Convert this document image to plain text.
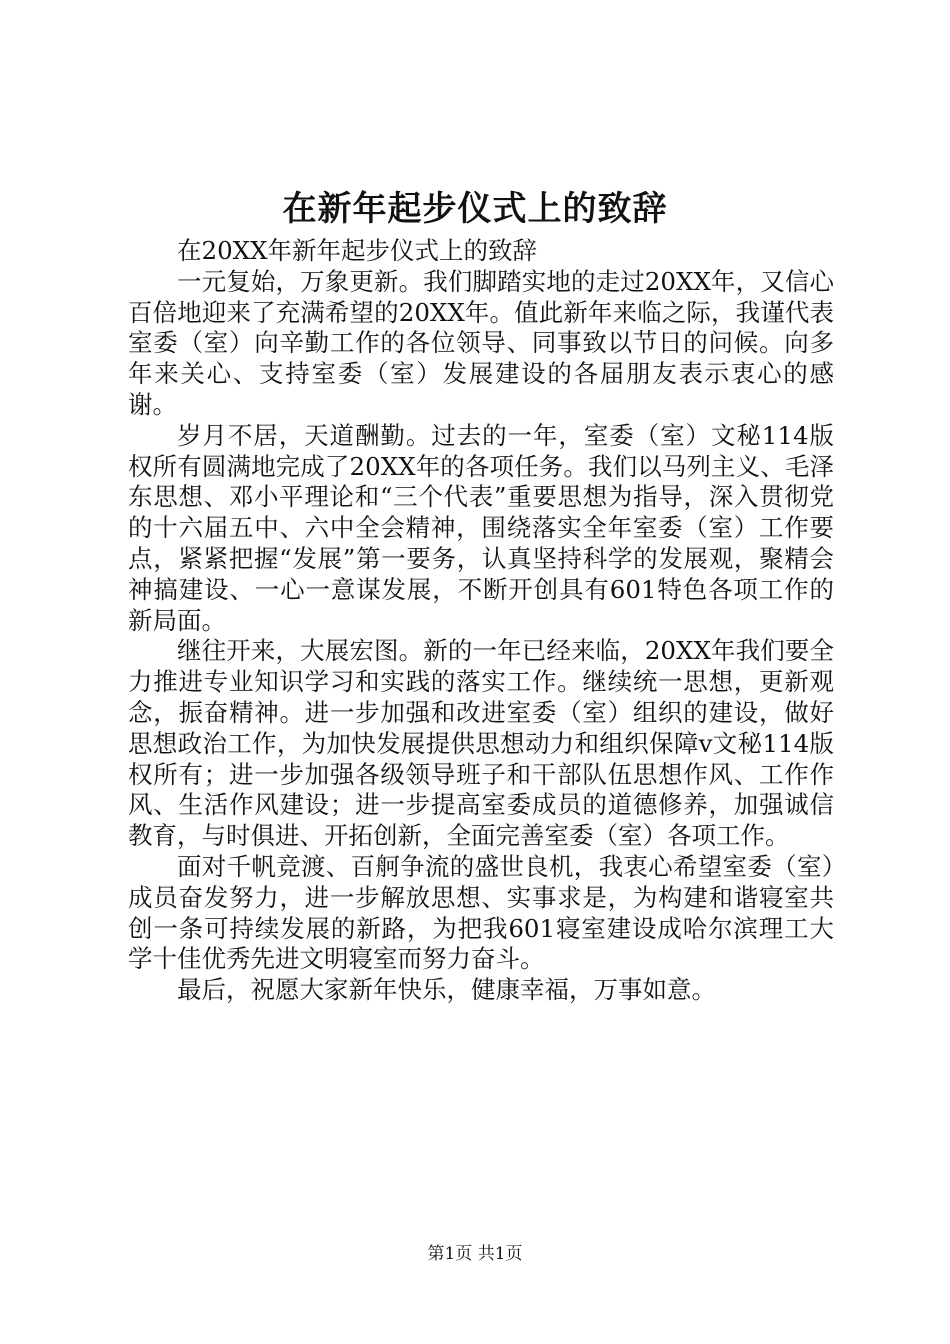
在新年起步仪式上的致辞

在20XX年新年起步仪式上的致辞

一元复始，万象更新。我们脚踏实地的走过20XX年，又信心百倍地迎来了充满希望的20XX年。值此新年来临之际，我谨代表室委（室）向辛勤工作的各位领导、同事致以节日的问候。向多年来关心、支持室委（室）发展建设的各届朋友表示衷心的感谢。

岁月不居，天道酬勤。过去的一年，室委（室）文秘114版权所有圆满地完成了20XX年的各项任务。我们以马列主义、毛泽东思想、邓小平理论和“三个代表”重要思想为指导，深入贯彻党的十六届五中、六中全会精神，围绕落实全年室委（室）工作要点，紧紧把握“发展”第一要务，认真坚持科学的发展观，聚精会神搞建设、一心一意谋发展，不断开创具有601特色各项工作的新局面。

继往开来，大展宏图。新的一年已经来临，20XX年我们要全力推进专业知识学习和实践的落实工作。继续统一思想，更新观念，振奋精神。进一步加强和改进室委（室）组织的建设，做好思想政治工作，为加快发展提供思想动力和组织保障v文秘114版权所有；进一步加强各级领导班子和干部队伍思想作风、工作作风、生活作风建设；进一步提高室委成员的道德修养，加强诚信教育，与时俱进、开拓创新，全面完善室委（室）各项工作。

面对千帆竞渡、百舸争流的盛世良机，我衷心希望室委（室）成员奋发努力，进一步解放思想、实事求是，为构建和谐寝室共创一条可持续发展的新路，为把我601寝室建设成哈尔滨理工大学十佳优秀先进文明寝室而努力奋斗。

最后，祝愿大家新年快乐，健康幸福，万事如意。

第1页 共1页
